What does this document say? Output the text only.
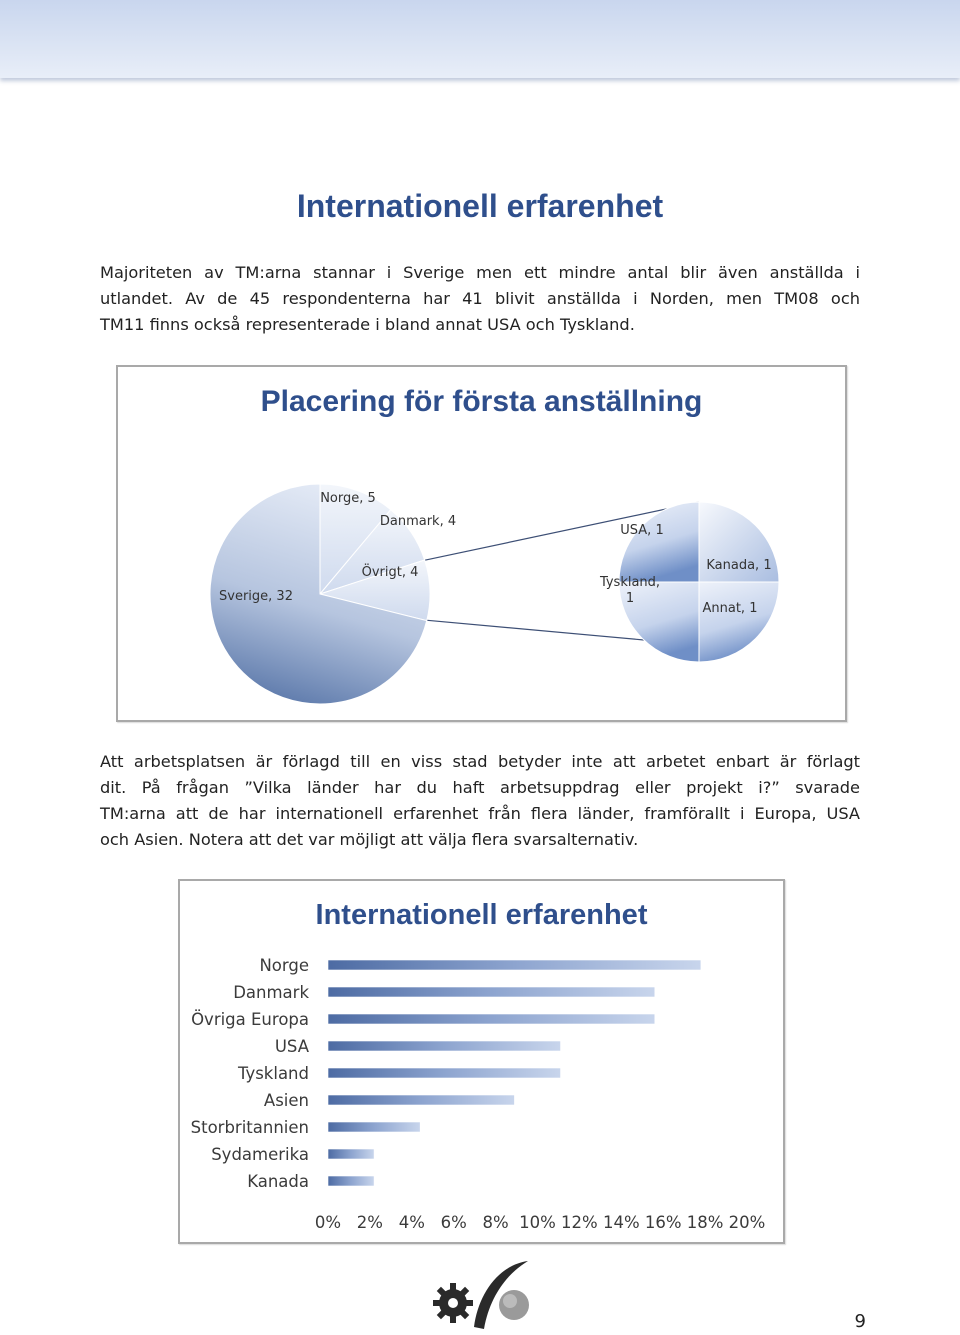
Internationell erfarenhet
Majoriteten av TM:arna stannar i Sverige men ett mindre antal blir även anställda i
utlandet. Av de 45 respondenterna har 41 blivit anställda i Norden, men TM08 och
TM11 finns också representerade i bland annat USA och Tyskland.
Placering för första anställning
Sverige, 32
Norge, 5
Danmark, 4
Övrigt, 4
USA, 1
Kanada, 1
Annat, 1
Tyskland, 1
Att arbetsplatsen är förlagd till en viss stad betyder inte att arbetet enbart är förlagt
dit. På frågan ”Vilka länder har du haft arbetsuppdrag eller projekt i?” svarade
TM:arna att de har internationell erfarenhet från flera länder, framförallt i Europa, USA
och Asien. Notera att det var möjligt att välja flera svarsalternativ.
Internationell erfarenhet
Norge
Danmark
Övriga Europa
USA
Tyskland
Asien
Storbritannien
Sydamerika
Kanada
0% 2% 4% 6% 8% 10% 12% 14% 16% 18% 20%
9
